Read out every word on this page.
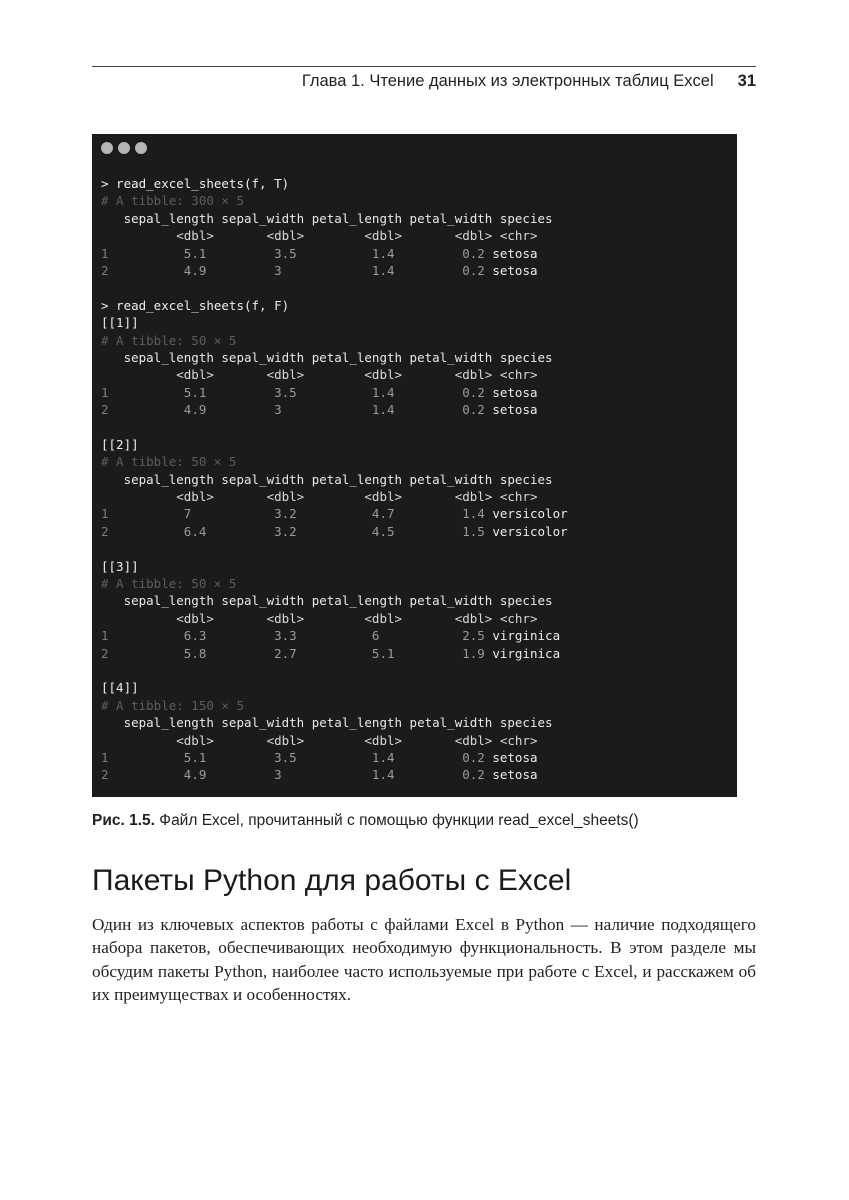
Глава 1. Чтение данных из электронных таблиц Excel 31
> read_excel_sheets(f, T)
# A tibble: 300 × 5
sepal_length sepal_width petal_length petal_width species
<dbl>       <dbl>        <dbl>       <dbl> <chr>
1          5.1         3.5          1.4         0.2 setosa
2          4.9         3            1.4         0.2 setosa
> read_excel_sheets(f, F)
[[1]]
# A tibble: 50 × 5
sepal_length sepal_width petal_length petal_width species
<dbl>       <dbl>        <dbl>       <dbl> <chr>
1          5.1         3.5          1.4         0.2 setosa
2          4.9         3            1.4         0.2 setosa
[[2]]
# A tibble: 50 × 5
sepal_length sepal_width petal_length petal_width species
<dbl>       <dbl>        <dbl>       <dbl> <chr>
1          7           3.2          4.7         1.4 versicolor
2          6.4         3.2          4.5         1.5 versicolor
[[3]]
# A tibble: 50 × 5
sepal_length sepal_width petal_length petal_width species
<dbl>       <dbl>        <dbl>       <dbl> <chr>
1          6.3         3.3          6           2.5 virginica
2          5.8         2.7          5.1         1.9 virginica
[[4]]
# A tibble: 150 × 5
sepal_length sepal_width petal_length petal_width species
<dbl>       <dbl>        <dbl>       <dbl> <chr>
1          5.1         3.5          1.4         0.2 setosa
2          4.9         3            1.4         0.2 setosa
Рис. 1.5. Файл Excel, прочитанный с помощью функции read_excel_sheets()
Пакеты Python для работы с Excel

Один из ключевых аспектов работы с файлами Excel в Python — наличие подходящего набора пакетов, обеспечивающих необходимую функциональность. В этом разделе мы обсудим пакеты Python, наиболее часто используемые при работе с Excel, и расскажем об их преимуществах и особенностях.
